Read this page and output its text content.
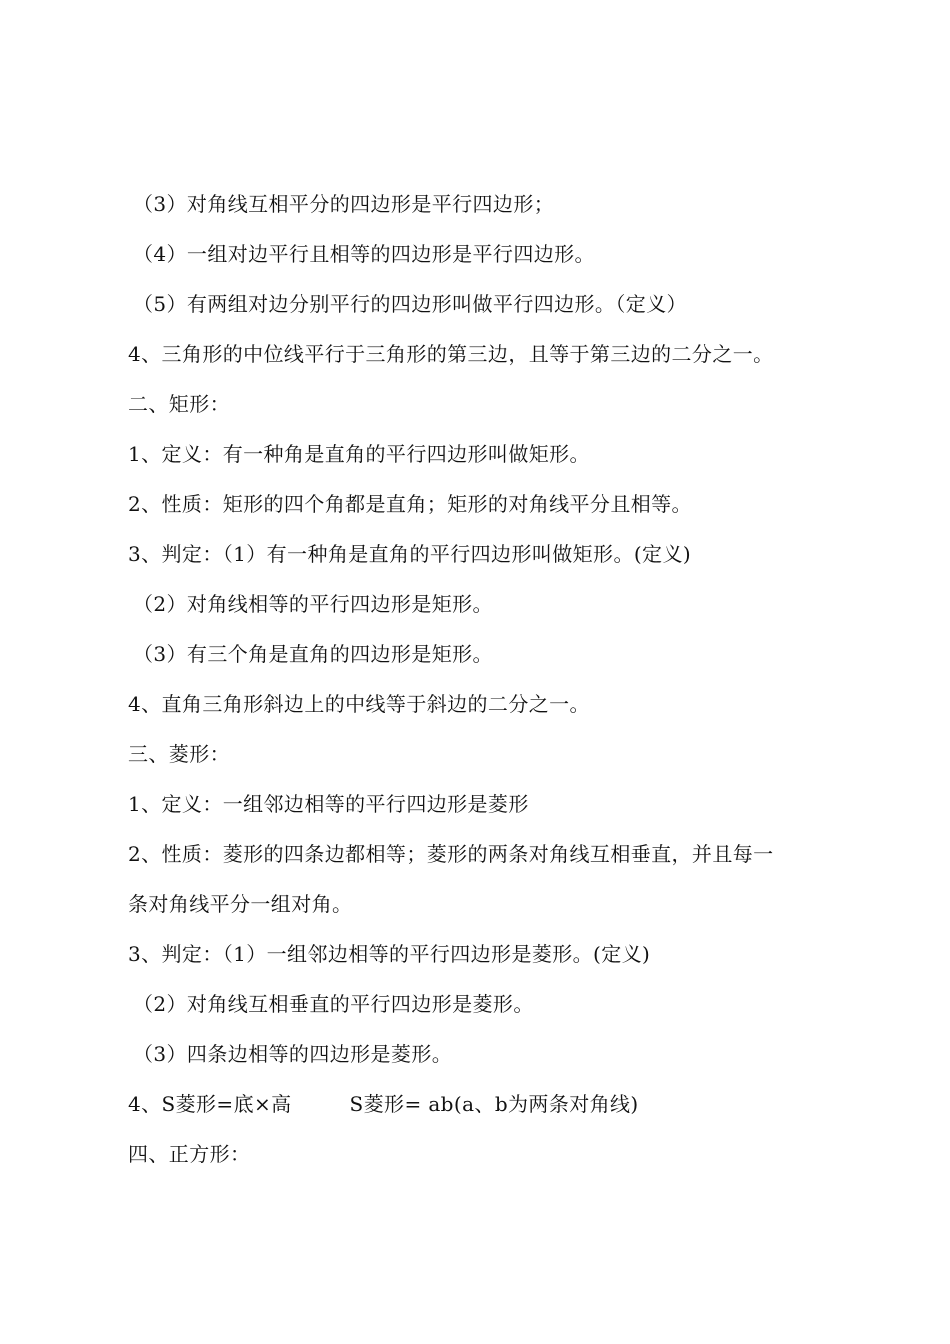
（3）对角线互相平分的四边形是平行四边形；
（4）一组对边平行且相等的四边形是平行四边形。
（5）有两组对边分别平行的四边形叫做平行四边形。（定义）
4、三角形的中位线平行于三角形的第三边，且等于第三边的二分之一。
二、矩形：
1、定义：有一种角是直角的平行四边形叫做矩形。
2、性质：矩形的四个角都是直角；矩形的对角线平分且相等。
3、判定：（1）有一种角是直角的平行四边形叫做矩形。(定义)
（2）对角线相等的平行四边形是矩形。
（3）有三个角是直角的四边形是矩形。
4、直角三角形斜边上的中线等于斜边的二分之一。
三、菱形：
1、定义：一组邻边相等的平行四边形是菱形
2、性质：菱形的四条边都相等；菱形的两条对角线互相垂直，并且每一
条对角线平分一组对角。
3、判定：（1）一组邻边相等的平行四边形是菱形。(定义)
（2）对角线互相垂直的平行四边形是菱形。
（3）四条边相等的四边形是菱形。
4、S菱形=底×高	S菱形= ab(a、b为两条对角线)
四、正方形：
